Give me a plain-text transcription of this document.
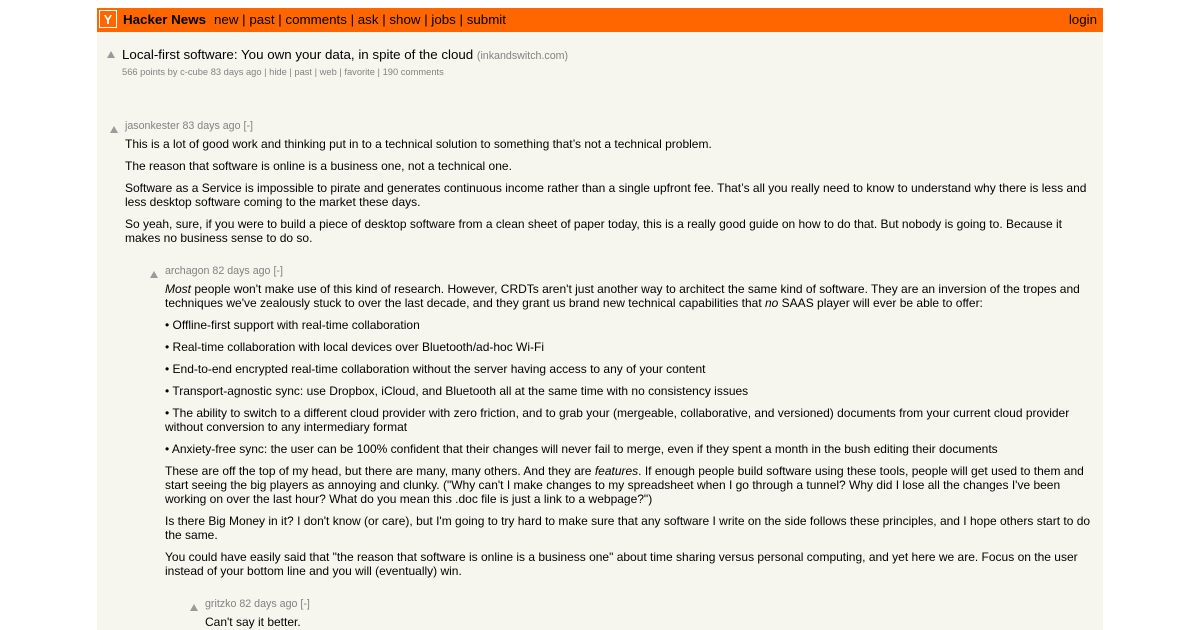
Y Hacker News new | past | comments | ask | show | jobs | submit	login
Local-first software: You own your data, in spite of the cloud (inkandswitch.com)
566 points by c-cube 83 days ago | hide | past | web | favorite | 190 comments
jasonkester 83 days ago [-]

This is a lot of good work and thinking put in to a technical solution to something that’s not a technical problem.

The reason that software is online is a business one, not a technical one.

Software as a Service is impossible to pirate and generates continuous income rather than a single upfront fee. That’s all you really need to know to understand why there is less and less desktop software coming to the market these days.

So yeah, sure, if you were to build a piece of desktop software from a clean sheet of paper today, this is a really good guide on how to do that. But nobody is going to. Because it makes no business sense to do so.

archagon 82 days ago [-]

Most people won't make use of this kind of research. However, CRDTs aren't just another way to architect the same kind of software. They are an inversion of the tropes and techniques we've zealously stuck to over the last decade, and they grant us brand new technical capabilities that no SAAS player will ever be able to offer:

• Offline-first support with real-time collaboration

• Real-time collaboration with local devices over Bluetooth/ad-hoc Wi-Fi

• End-to-end encrypted real-time collaboration without the server having access to any of your content

• Transport-agnostic sync: use Dropbox, iCloud, and Bluetooth all at the same time with no consistency issues

• The ability to switch to a different cloud provider with zero friction, and to grab your (mergeable, collaborative, and versioned) documents from your current cloud provider without conversion to any intermediary format

• Anxiety-free sync: the user can be 100% confident that their changes will never fail to merge, even if they spent a month in the bush editing their documents

These are off the top of my head, but there are many, many others. And they are features. If enough people build software using these tools, people will get used to them and start seeing the big players as annoying and clunky. ("Why can't I make changes to my spreadsheet when I go through a tunnel? Why did I lose all the changes I've been working on over the last hour? What do you mean this .doc file is just a link to a webpage?")

Is there Big Money in it? I don't know (or care), but I'm going to try hard to make sure that any software I write on the side follows these principles, and I hope others start to do the same.

You could have easily said that "the reason that software is online is a business one" about time sharing versus personal computing, and yet here we are. Focus on the user instead of your bottom line and you will (eventually) win.

gritzko 82 days ago [-]

Can't say it better.
